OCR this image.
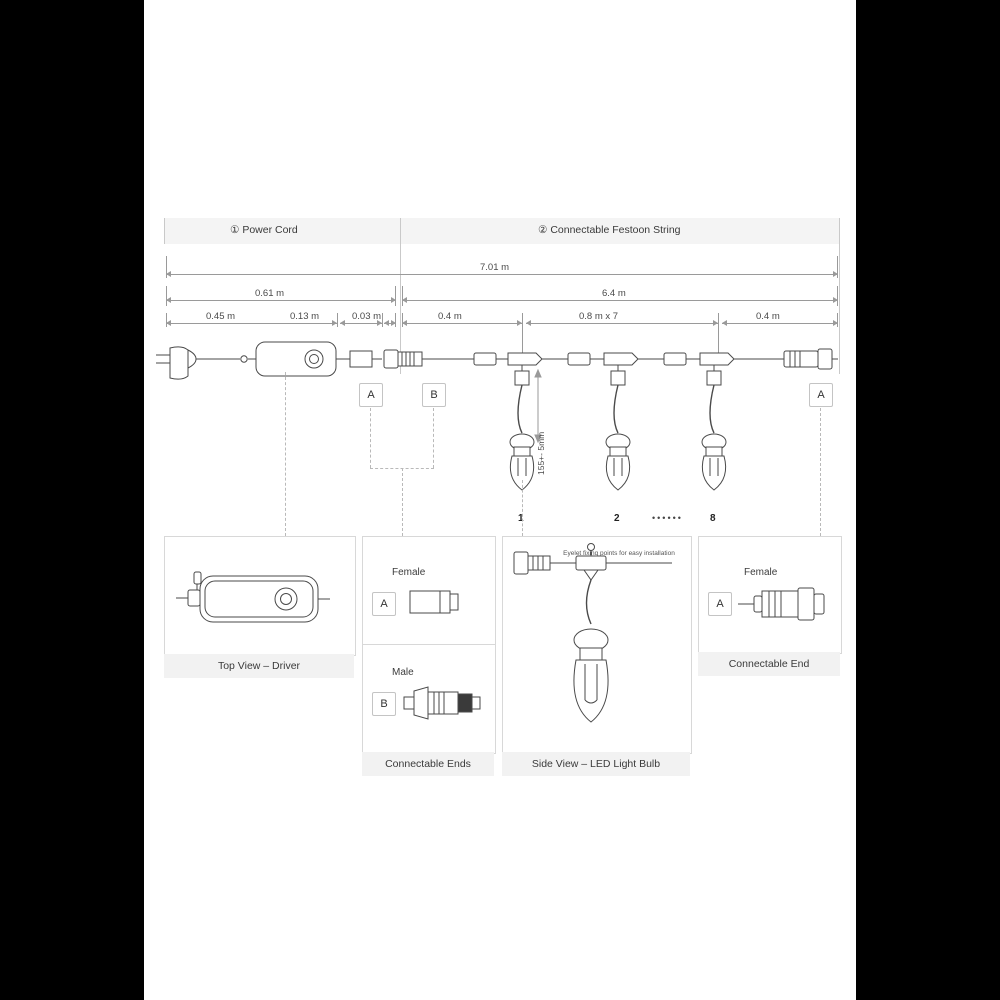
① Power Cord	② Connectable Festoon String
7.01 m
0.61 m	6.4 m
0.45 m	0.13 m	0.03 m	0.4 m	0.8 m x 7	0.4 m
155+- 5mm
1	2	••••••	8
A	B	A
Top View – Driver
Female
A
Male
B
Connectable Ends
Eyelet fixing points for easy installation
Side View – LED Light Bulb
Female
A
Connectable End
